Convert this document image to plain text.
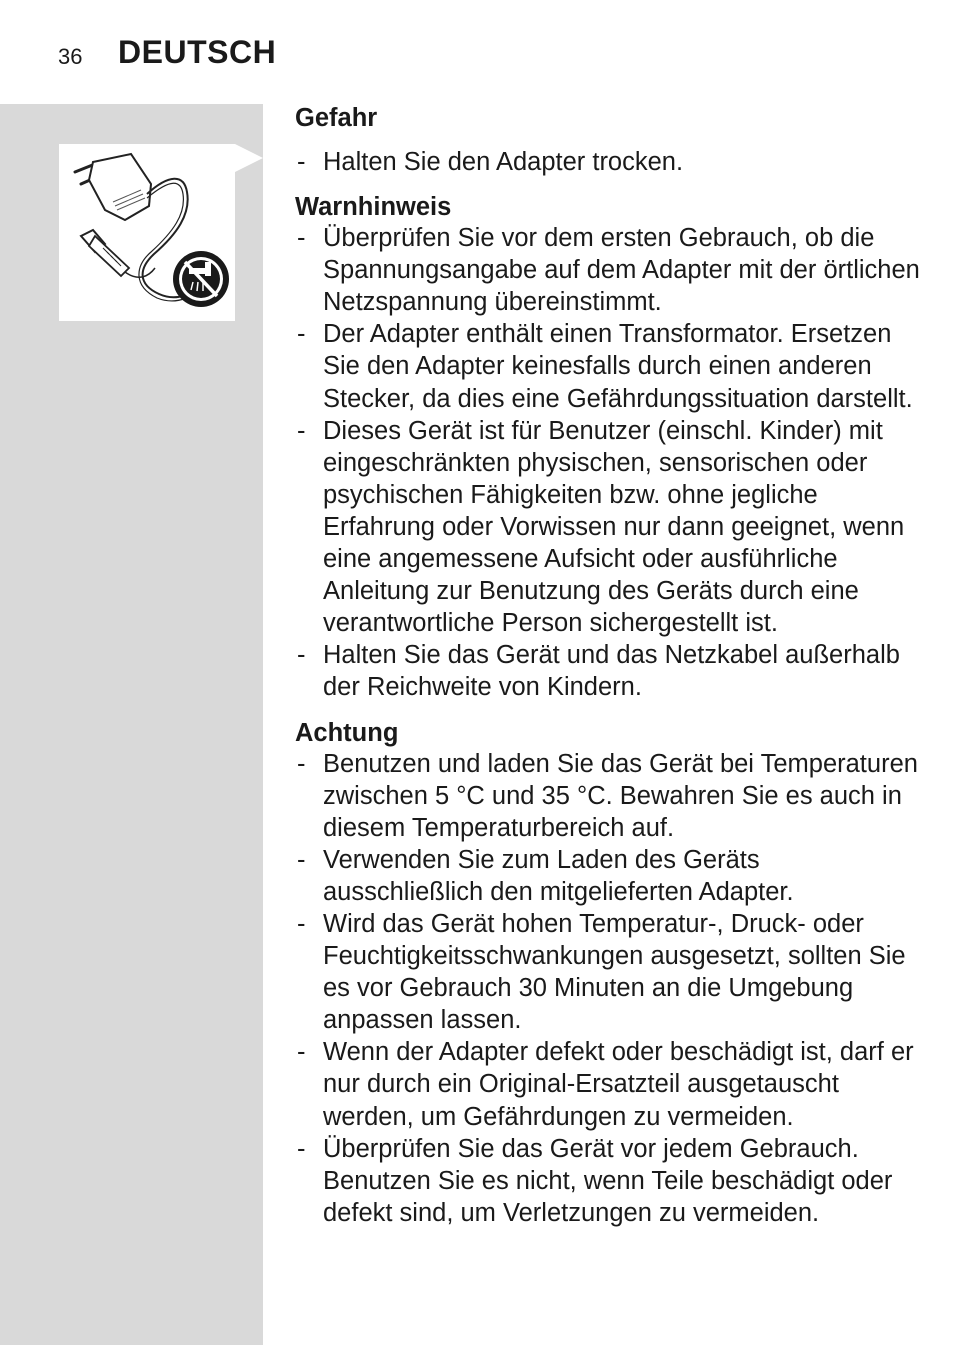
36 DEUTSCH
Gefahr
- Halten Sie den Adapter trocken.
Warnhinweis
- Überprüfen Sie vor dem ersten Gebrauch, ob die Spannungsangabe auf dem Adapter mit der örtlichen Netzspannung übereinstimmt.
- Der Adapter enthält einen Transformator. Ersetzen Sie den Adapter keinesfalls durch einen anderen Stecker, da dies eine Gefährdungssituation darstellt.
- Dieses Gerät ist für Benutzer (einschl. Kinder) mit eingeschränkten physischen, sensorischen oder psychischen Fähigkeiten bzw. ohne jegliche Erfahrung oder Vorwissen nur dann geeignet, wenn eine angemessene Aufsicht oder ausführliche Anleitung zur Benutzung des Geräts durch eine verantwortliche Person sichergestellt ist.
- Halten Sie das Gerät und das Netzkabel außerhalb der Reichweite von Kindern.
Achtung
- Benutzen und laden Sie das Gerät bei Temperaturen zwischen 5 °C und 35 °C. Bewahren Sie es auch in diesem Temperaturbereich auf.
- Verwenden Sie zum Laden des Geräts ausschließlich den mitgelieferten Adapter.
- Wird das Gerät hohen Temperatur-, Druck- oder Feuchtigkeitsschwankungen ausgesetzt, sollten Sie es vor Gebrauch 30 Minuten an die Umgebung anpassen lassen.
- Wenn der Adapter defekt oder beschädigt ist, darf er nur durch ein Original-Ersatzteil ausgetauscht werden, um Gefährdungen zu vermeiden.
- Überprüfen Sie das Gerät vor jedem Gebrauch. Benutzen Sie es nicht, wenn Teile beschädigt oder defekt sind, um Verletzungen zu vermeiden.
